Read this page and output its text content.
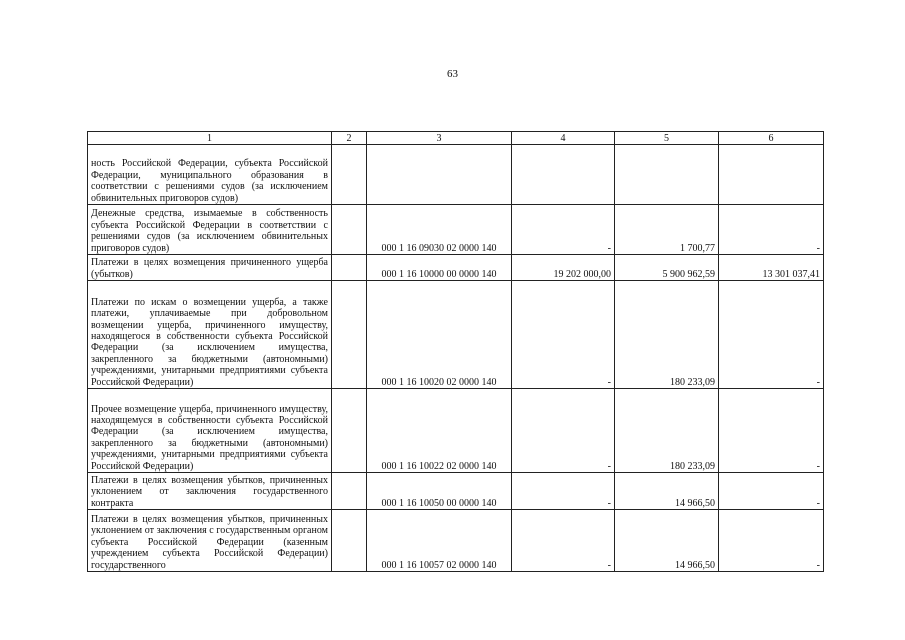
63
1	2	3	4	5	6
ность Российской Федерации, субъекта Российской Федерации, муниципального образования в соответствии с решениями судов (за исключением обвинительных приговоров судов)					
Денежные средства, изымаемые в собственность субъекта Российской Федерации в соответствии с решениями судов (за исключением обвинительных приговоров судов)		000 1 16 09030 02 0000 140	-	1 700,77	-
Платежи в целях возмещения причиненного ущерба (убытков)		000 1 16 10000 00 0000 140	19 202 000,00	5 900 962,59	13 301 037,41
Платежи по искам о возмещении ущерба, а также платежи, уплачиваемые при добровольном возмещении ущерба, причиненного имуществу, находящегося в собственности субъекта Российской Федерации (за исключением имущества, закрепленного за бюджетными (автономными) учреждениями, унитарными предприятиями субъекта Российской Федерации)		000 1 16 10020 02 0000 140	-	180 233,09	-
Прочее возмещение ущерба, причиненного имуществу, находящемуся в собственности субъекта Российской Федерации (за исключением имущества, закрепленного за бюджетными (автономными) учреждениями, унитарными предприятиями субъекта Российской Федерации)		000 1 16 10022 02 0000 140	-	180 233,09	-
Платежи в целях возмещения убытков, причиненных уклонением от заключения государственного контракта		000 1 16 10050 00 0000 140	-	14 966,50	-
Платежи в целях возмещения убытков, причиненных уклонением от заключения с государственным органом субъекта Российской Федерации (казенным учреждением субъекта Российской Федерации) государственного		000 1 16 10057 02 0000 140	-	14 966,50	-
